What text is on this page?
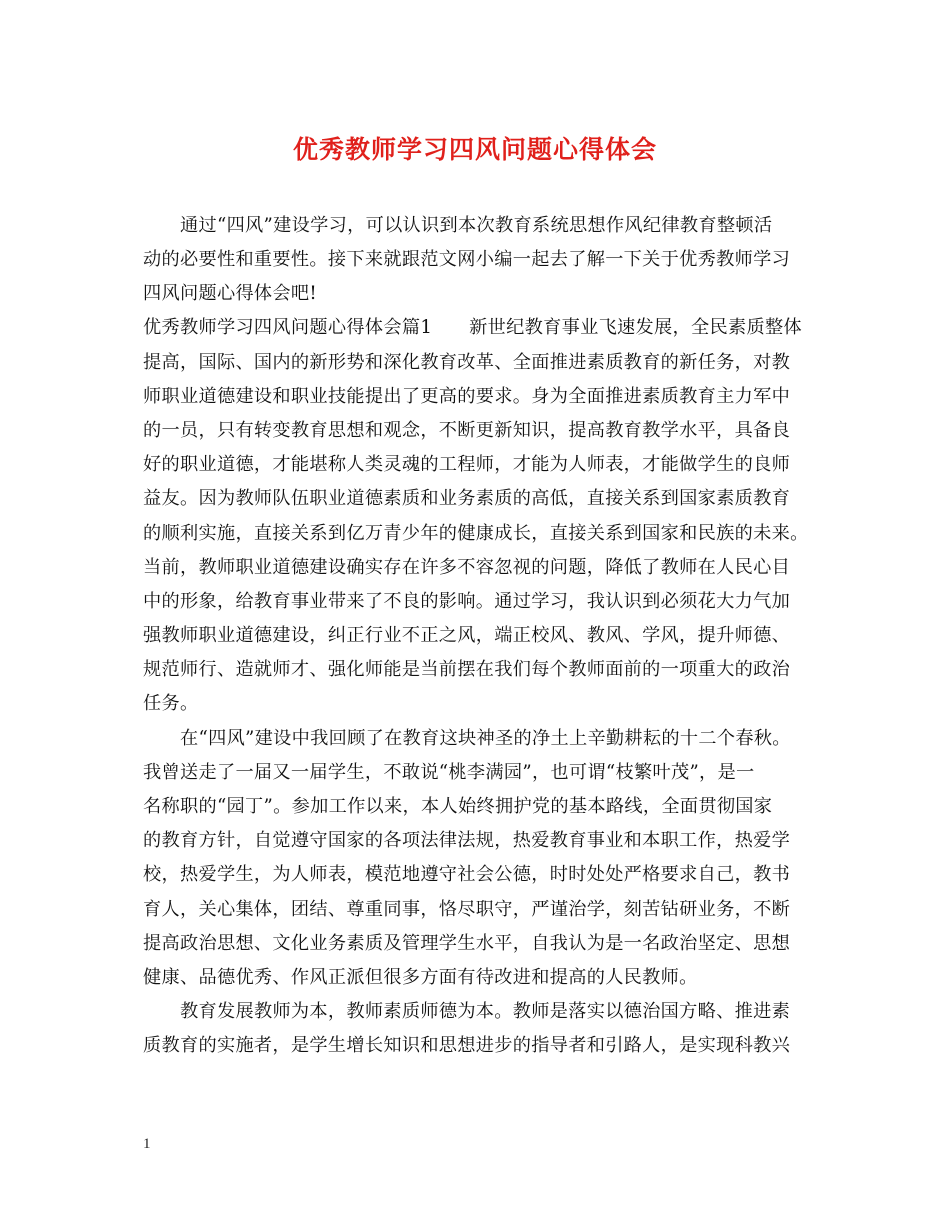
优秀教师学习四风问题心得体会
通过“四风”建设学习，可以认识到本次教育系统思想作风纪律教育整顿活
动的必要性和重要性。接下来就跟范文网小编一起去了解一下关于优秀教师学习
四风问题心得体会吧!
优秀教师学习四风问题心得体会篇1　　新世纪教育事业飞速发展，全民素质整体
提高，国际、国内的新形势和深化教育改革、全面推进素质教育的新任务，对教
师职业道德建设和职业技能提出了更高的要求。身为全面推进素质教育主力军中
的一员，只有转变教育思想和观念，不断更新知识，提高教育教学水平，具备良
好的职业道德，才能堪称人类灵魂的工程师，才能为人师表，才能做学生的良师
益友。因为教师队伍职业道德素质和业务素质的高低，直接关系到国家素质教育
的顺利实施，直接关系到亿万青少年的健康成长，直接关系到国家和民族的未来。
当前，教师职业道德建设确实存在许多不容忽视的问题，降低了教师在人民心目
中的形象，给教育事业带来了不良的影响。通过学习，我认识到必须花大力气加
强教师职业道德建设，纠正行业不正之风，端正校风、教风、学风，提升师德、
规范师行、造就师才、强化师能是当前摆在我们每个教师面前的一项重大的政治
任务。
在“四风”建设中我回顾了在教育这块神圣的净土上辛勤耕耘的十二个春秋。
我曾送走了一届又一届学生，不敢说“桃李满园”，也可谓“枝繁叶茂”，是一
名称职的“园丁”。参加工作以来，本人始终拥护党的基本路线，全面贯彻国家
的教育方针，自觉遵守国家的各项法律法规，热爱教育事业和本职工作，热爱学
校，热爱学生，为人师表，模范地遵守社会公德，时时处处严格要求自己，教书
育人，关心集体，团结、尊重同事，恪尽职守，严谨治学，刻苦钻研业务，不断
提高政治思想、文化业务素质及管理学生水平，自我认为是一名政治坚定、思想
健康、品德优秀、作风正派但很多方面有待改进和提高的人民教师。
教育发展教师为本，教师素质师德为本。教师是落实以德治国方略、推进素
质教育的实施者，是学生增长知识和思想进步的指导者和引路人，是实现科教兴
1
